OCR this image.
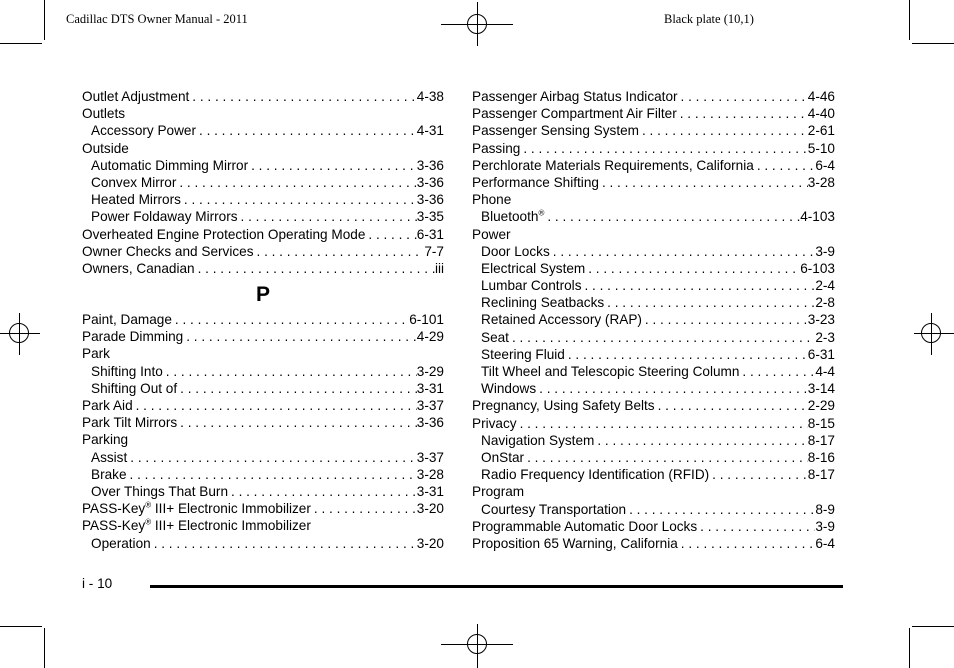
Cadillac DTS Owner Manual - 2011	Black plate (10,1)
Outlet Adjustment . . .	4-38
Outlets
Accessory Power . . .	4-31
Outside
Automatic Dimming Mirror . . .	3-36
Convex Mirror . . .	3-36
Heated Mirrors . . .	3-36
Power Foldaway Mirrors . . .	3-35
Overheated Engine Protection Operating Mode . . .	6-31
Owner Checks and Services . . .	7-7
Owners, Canadian . . .	iii
P
Paint, Damage . . .	6-101
Parade Dimming . . .	4-29
Park
Shifting Into . . .	3-29
Shifting Out of . . .	3-31
Park Aid . . .	3-37
Park Tilt Mirrors . . .	3-36
Parking
Assist . . .	3-37
Brake . . .	3-28
Over Things That Burn . . .	3-31
PASS-Key® III+ Electronic Immobilizer . . .	3-20
PASS-Key® III+ Electronic Immobilizer
Operation . . .	3-20
Passenger Airbag Status Indicator . . .	4-46
Passenger Compartment Air Filter . . .	4-40
Passenger Sensing System . . .	2-61
Passing . . .	5-10
Perchlorate Materials Requirements, California . . .	6-4
Performance Shifting . . .	3-28
Phone
Bluetooth® . . .	4-103
Power
Door Locks . . .	3-9
Electrical System . . .	6-103
Lumbar Controls . . .	2-4
Reclining Seatbacks . . .	2-8
Retained Accessory (RAP) . . .	3-23
Seat . . .	2-3
Steering Fluid . . .	6-31
Tilt Wheel and Telescopic Steering Column . . .	4-4
Windows . . .	3-14
Pregnancy, Using Safety Belts . . .	2-29
Privacy . . .	8-15
Navigation System . . .	8-17
OnStar . . .	8-16
Radio Frequency Identification (RFID) . . .	8-17
Program
Courtesy Transportation . . .	8-9
Programmable Automatic Door Locks . . .	3-9
Proposition 65 Warning, California . . .	6-4
i - 10
